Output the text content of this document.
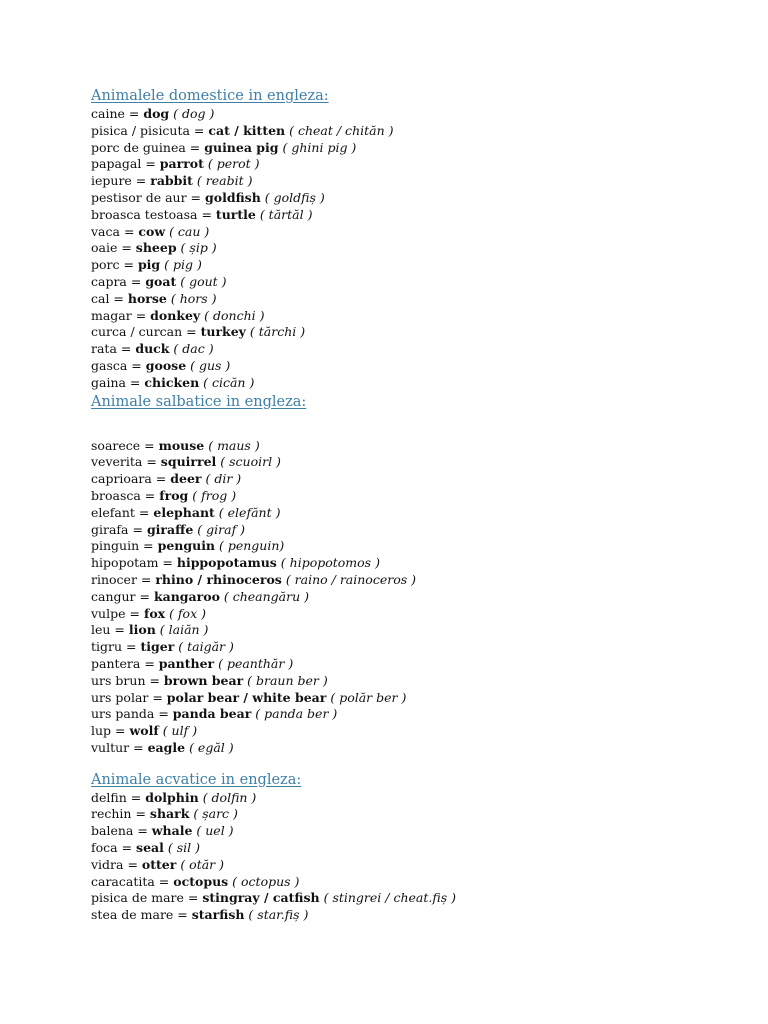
Animalele domestice in engleza:
caine = dog ( dog )
pisica / pisicuta = cat / kitten ( cheat / chităn )
porc de guinea = guinea pig ( ghini pig )
papagal = parrot ( perot )
iepure = rabbit ( reabit )
pestisor de aur = goldfish ( goldfiș )
broasca testoasa = turtle ( tărtăl )
vaca = cow ( cau )
oaie = sheep ( șip )
porc = pig ( pig )
capra = goat ( gout )
cal = horse ( hors )
magar = donkey ( donchi )
curca / curcan = turkey ( tărchi )
rata = duck ( dac )
gasca = goose ( gus )
gaina = chicken ( cicăn )
Animale salbatice in engleza:
soarece = mouse ( maus )
veverita = squirrel ( scuoirl )
caprioara = deer ( dir )
broasca = frog ( frog )
elefant = elephant ( elefănt )
girafa = giraffe ( giraf )
pinguin = penguin ( penguin)
hipopotam = hippopotamus ( hipopotomos )
rinocer = rhino / rhinoceros ( raino / rainoceros )
cangur = kangaroo ( cheangăru )
vulpe = fox ( fox )
leu = lion ( laiăn )
tigru = tiger ( taigăr )
pantera = panther ( peanthăr )
urs brun = brown bear ( braun ber )
urs polar = polar bear / white bear ( polăr ber )
urs panda = panda bear ( panda ber )
lup = wolf ( ulf )
vultur = eagle ( egăl )
Animale acvatice in engleza:
delfin = dolphin ( dolfin )
rechin = shark ( șarc )
balena = whale ( uel )
foca = seal ( sil )
vidra = otter ( otăr )
caracatita = octopus ( octopus )
pisica de mare = stingray / catfish ( stingrei / cheat.fiș )
stea de mare = starfish ( star.fiș )
